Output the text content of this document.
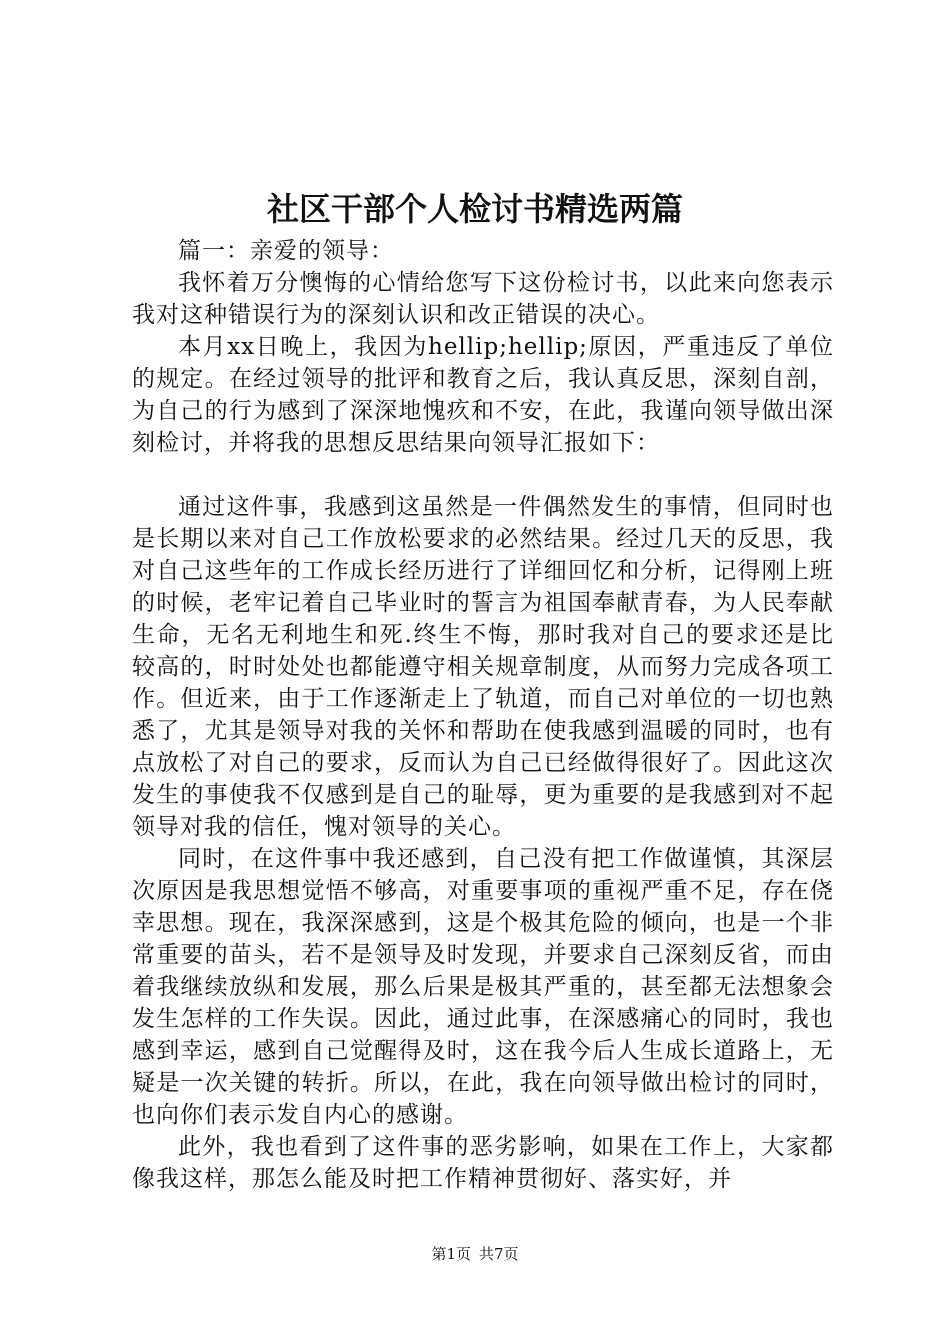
社区干部个人检讨书精选两篇

篇一：亲爱的领导：

我怀着万分懊悔的心情给您写下这份检讨书，以此来向您表示我对这种错误行为的深刻认识和改正错误的决心。

本月xx日晚上，我因为hellip;hellip;原因，严重违反了单位的规定。在经过领导的批评和教育之后，我认真反思，深刻自剖，为自己的行为感到了深深地愧疚和不安，在此，我谨向领导做出深刻检讨，并将我的思想反思结果向领导汇报如下：

通过这件事，我感到这虽然是一件偶然发生的事情，但同时也是长期以来对自己工作放松要求的必然结果。经过几天的反思，我对自己这些年的工作成长经历进行了详细回忆和分析，记得刚上班的时候，老牢记着自己毕业时的誓言为祖国奉献青春，为人民奉献生命，无名无利地生和死.终生不悔，那时我对自己的要求还是比较高的，时时处处也都能遵守相关规章制度，从而努力完成各项工作。但近来，由于工作逐渐走上了轨道，而自己对单位的一切也熟悉了，尤其是领导对我的关怀和帮助在使我感到温暖的同时，也有点放松了对自己的要求，反而认为自己已经做得很好了。因此这次发生的事使我不仅感到是自己的耻辱，更为重要的是我感到对不起领导对我的信任，愧对领导的关心。

同时，在这件事中我还感到，自己没有把工作做谨慎，其深层次原因是我思想觉悟不够高，对重要事项的重视严重不足，存在侥幸思想。现在，我深深感到，这是个极其危险的倾向，也是一个非常重要的苗头，若不是领导及时发现，并要求自己深刻反省，而由着我继续放纵和发展，那么后果是极其严重的，甚至都无法想象会发生怎样的工作失误。因此，通过此事，在深感痛心的同时，我也感到幸运，感到自己觉醒得及时，这在我今后人生成长道路上，无疑是一次关键的转折。所以，在此，我在向领导做出检讨的同时，也向你们表示发自内心的感谢。

此外，我也看到了这件事的恶劣影响，如果在工作上，大家都像我这样，那怎么能及时把工作精神贯彻好、落实好，并

第1页 共7页
